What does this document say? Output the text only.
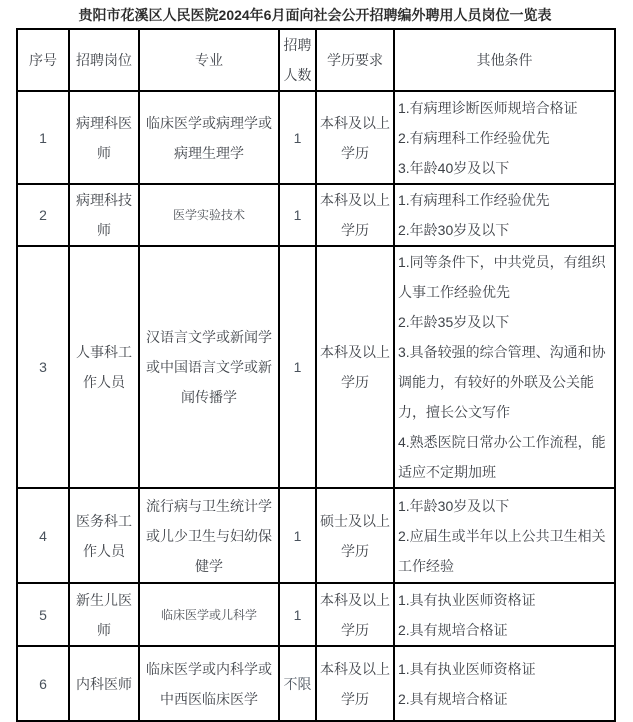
贵阳市花溪区人民医院2024年6月面向社会公开招聘编外聘用人员岗位一览表
序号	招聘岗位	专业	招聘人数	学历要求	其他条件
1	病理科医师	临床医学或病理学或病理生理学	1	本科及以上学历	1.有病理诊断医师规培合格证
2.有病理科工作经验优先
3.年龄40岁及以下

2	病理科技师	医学实验技术	1	本科及以上学历	1.有病理科工作经验优先
2.年龄30岁及以下

3	人事科工作人员	汉语言文学或新闻学或中国语言文学或新闻传播学	1	本科及以上学历	1.同等条件下，中共党员，有组织人事工作经验优先
2.年龄35岁及以下
3.具备较强的综合管理、沟通和协调能力，有较好的外联及公关能力，擅长公文写作
4.熟悉医院日常办公工作流程，能适应不定期加班

4	医务科工作人员	流行病与卫生统计学或儿少卫生与妇幼保健学	1	硕士及以上学历	1.年龄30岁及以下
2.应届生或半年以上公共卫生相关工作经验

5	新生儿医师	临床医学或儿科学	1	本科及以上学历	1.具有执业医师资格证
2.具有规培合格证

6	内科医师	临床医学或内科学或中西医临床医学	不限	本科及以上学历	1.具有执业医师资格证
2.具有规培合格证
